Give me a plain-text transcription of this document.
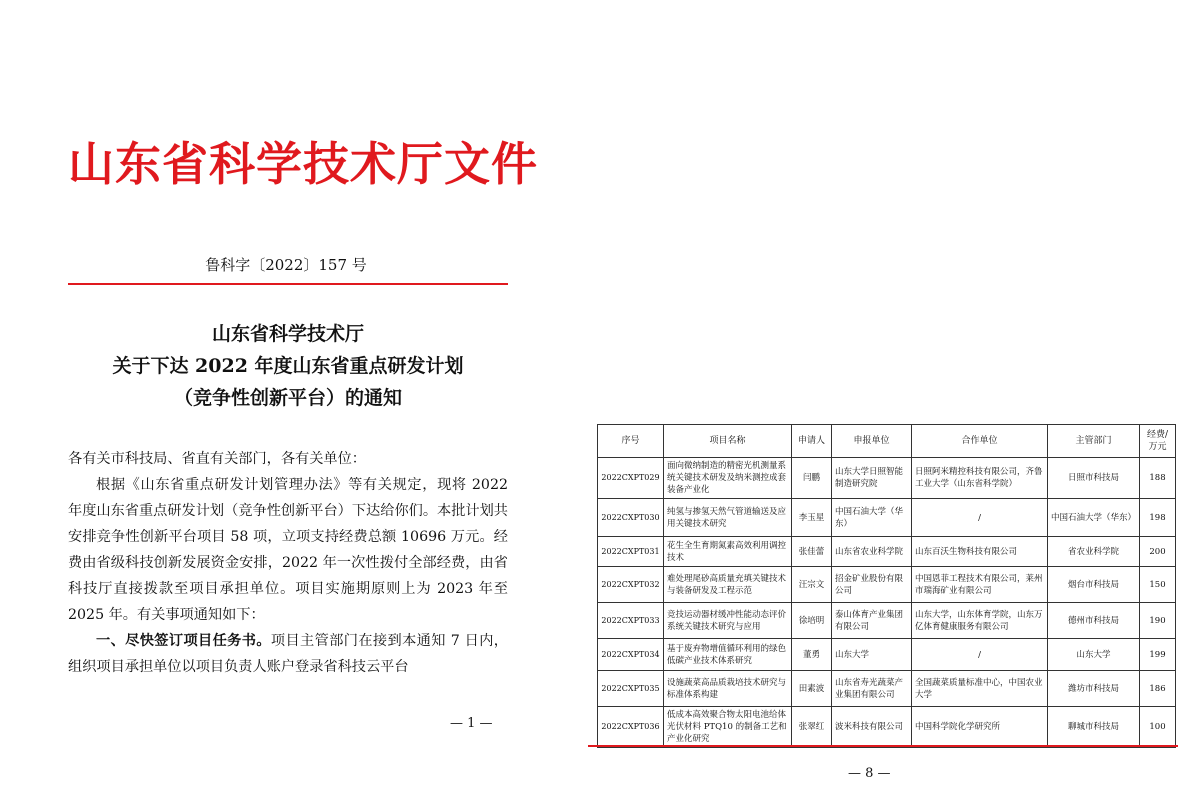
山东省科学技术厅文件
鲁科字〔2022〕157 号
山东省科学技术厅
关于下达 2022 年度山东省重点研发计划
（竞争性创新平台）的通知

各有关市科技局、省直有关部门，各有关单位：

根据《山东省重点研发计划管理办法》等有关规定，现将 2022 年度山东省重点研发计划（竞争性创新平台）下达给你们。本批计划共安排竞争性创新平台项目 58 项，立项支持经费总额 10696 万元。经费由省级科技创新发展资金安排，2022 年一次性拨付全部经费，由省科技厅直接拨款至项目承担单位。项目实施期原则上为 2023 年至 2025 年。有关事项通知如下：

一、尽快签订项目任务书。项目主管部门在接到本通知 7 日内，组织项目承担单位以项目负责人账户登录省科技云平台

— 1 —
序号	项目名称	申请人	申报单位	合作单位	主管部门	经费/万元
2022CXPT029	面向微纳制造的精密光机测量系统关键技术研发及纳米测控成套装备产业化	闫鹏	山东大学日照智能制造研究院	日照阿米精控科技有限公司，齐鲁工业大学（山东省科学院）	日照市科技局	188
2022CXPT030	纯氢与掺氢天然气管道输送及应用关键技术研究	李玉星	中国石油大学（华东）	/	中国石油大学（华东）	198
2022CXPT031	花生全生育期氮素高效利用调控技术	张佳蕾	山东省农业科学院	山东百沃生物科技有限公司	省农业科学院	200
2022CXPT032	难处理尾砂高质量充填关键技术与装备研发及工程示范	汪宗文	招金矿业股份有限公司	中国恩菲工程技术有限公司，莱州市瑞海矿业有限公司	烟台市科技局	150
2022CXPT033	竞技运动器材缓冲性能动态评价系统关键技术研究与应用	徐培明	泰山体育产业集团有限公司	山东大学，山东体育学院，山东万亿体育健康服务有限公司	德州市科技局	190
2022CXPT034	基于废弃物增值循环利用的绿色低碳产业技术体系研究	董勇	山东大学	/	山东大学	199
2022CXPT035	设施蔬菜高品质栽培技术研究与标准体系构建	田素波	山东省寿光蔬菜产业集团有限公司	全国蔬菜质量标准中心，中国农业大学	潍坊市科技局	186
2022CXPT036	低成本高效聚合物太阳电池给体光伏材料 PTQ10 的制备工艺和产业化研究	张翠红	波米科技有限公司	中国科学院化学研究所	聊城市科技局	100
— 8 —
